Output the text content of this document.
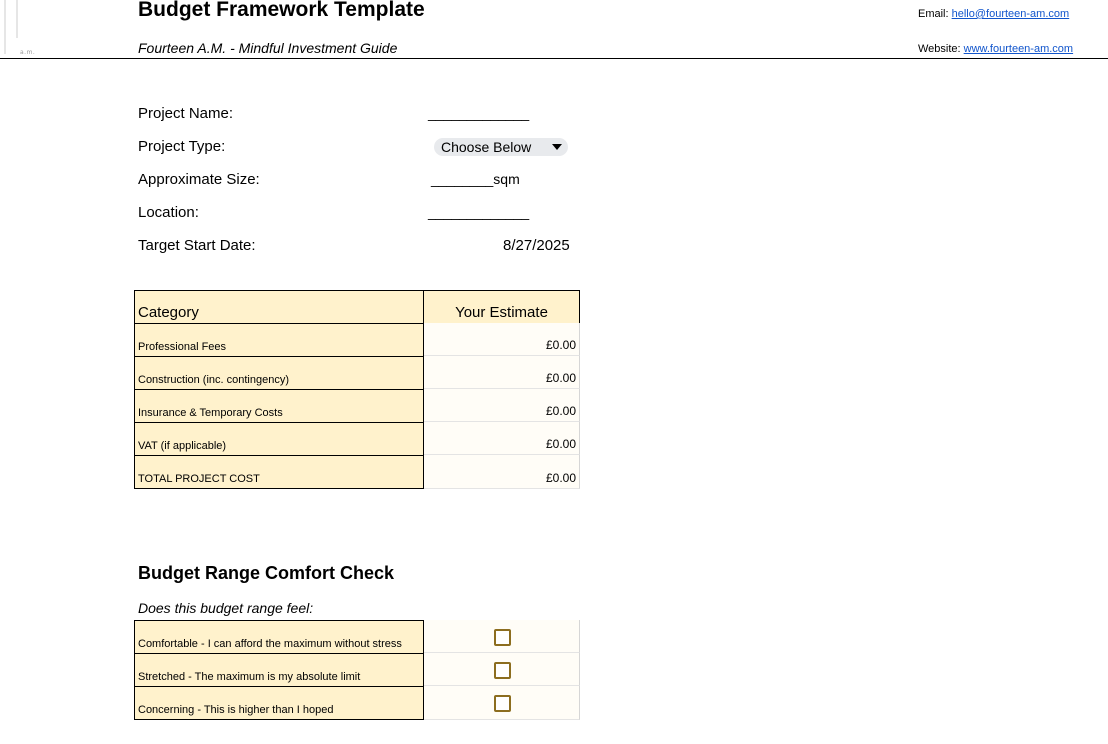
a.m.
Budget Framework Template
Fourteen A.M. - Mindful Investment Guide
Email: hello@fourteen-am.com
Website: www.fourteen-am.com
Project Name:	_____________
Project Type:	Choose Below
Approximate Size:	________sqm
Location:	_____________
Target Start Date:	8/27/2025
Category	Your Estimate
Professional Fees	£0.00
Construction (inc. contingency)	£0.00
Insurance & Temporary Costs	£0.00
VAT (if applicable)	£0.00
TOTAL PROJECT COST	£0.00
Budget Range Comfort Check
Does this budget range feel:
Comfortable - I can afford the maximum without stress
Stretched - The maximum is my absolute limit
Concerning - This is higher than I hoped
